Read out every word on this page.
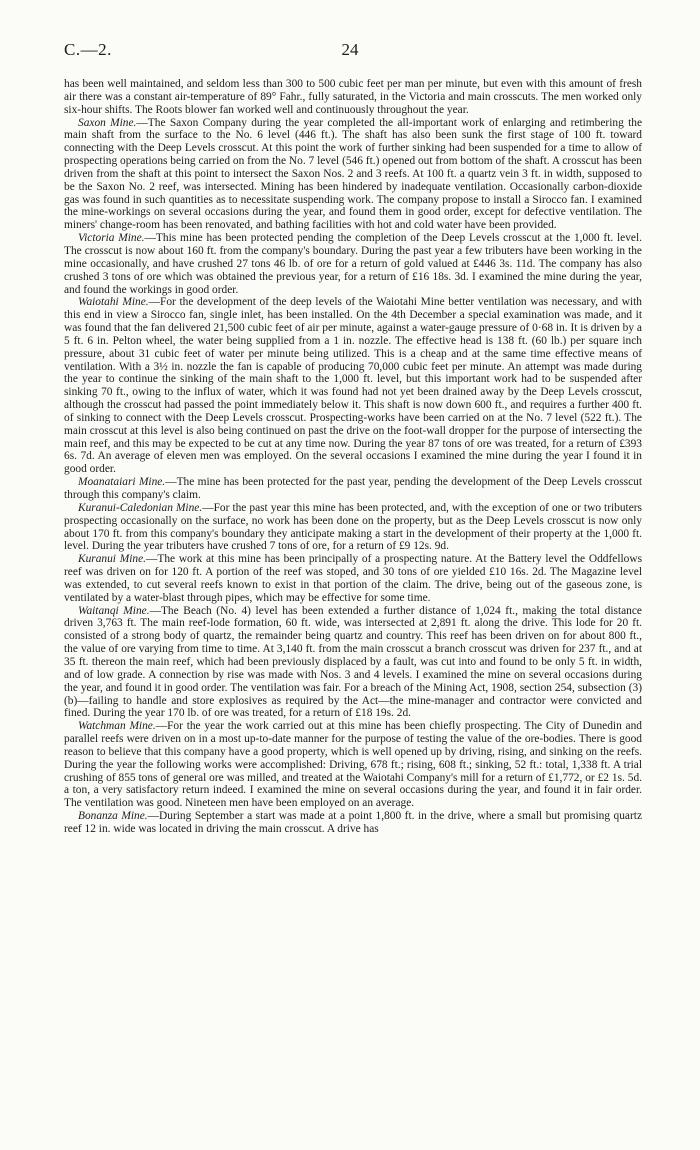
C.—2.	24

has been well maintained, and seldom less than 300 to 500 cubic feet per man per minute, but even with this amount of fresh air there was a constant air-temperature of 89° Fahr., fully saturated, in the Victoria and main crosscuts. The men worked only six-hour shifts. The Roots blower fan worked well and continuously throughout the year.

Saxon Mine.—The Saxon Company during the year completed the all-important work of enlarging and retimbering the main shaft from the surface to the No. 6 level (446 ft.). The shaft has also been sunk the first stage of 100 ft. toward connecting with the Deep Levels crosscut. At this point the work of further sinking had been suspended for a time to allow of prospecting operations being carried on from the No. 7 level (546 ft.) opened out from bottom of the shaft. A crosscut has been driven from the shaft at this point to intersect the Saxon Nos. 2 and 3 reefs. At 100 ft. a quartz vein 3 ft. in width, supposed to be the Saxon No. 2 reef, was intersected. Mining has been hindered by inadequate ventilation. Occasionally carbon-dioxide gas was found in such quantities as to necessitate suspending work. The company propose to install a Sirocco fan. I examined the mine-workings on several occasions during the year, and found them in good order, except for defective ventilation. The miners' change-room has been renovated, and bathing facilities with hot and cold water have been provided.

Victoria Mine.—This mine has been protected pending the completion of the Deep Levels crosscut at the 1,000 ft. level. The crosscut is now about 160 ft. from the company's boundary. During the past year a few tributers have been working in the mine occasionally, and have crushed 27 tons 46 lb. of ore for a return of gold valued at £446 3s. 11d. The company has also crushed 3 tons of ore which was obtained the previous year, for a return of £16 18s. 3d. I examined the mine during the year, and found the workings in good order.

Waiotahi Mine.—For the development of the deep levels of the Waiotahi Mine better ventilation was necessary, and with this end in view a Sirocco fan, single inlet, has been installed. On the 4th December a special examination was made, and it was found that the fan delivered 21,500 cubic feet of air per minute, against a water-gauge pressure of 0·68 in. It is driven by a 5 ft. 6 in. Pelton wheel, the water being supplied from a 1 in. nozzle. The effective head is 138 ft. (60 lb.) per square inch pressure, about 31 cubic feet of water per minute being utilized. This is a cheap and at the same time effective means of ventilation. With a 3½ in. nozzle the fan is capable of producing 70,000 cubic feet per minute. An attempt was made during the year to continue the sinking of the main shaft to the 1,000 ft. level, but this important work had to be suspended after sinking 70 ft., owing to the influx of water, which it was found had not yet been drained away by the Deep Levels crosscut, although the crosscut had passed the point immediately below it. This shaft is now down 600 ft., and requires a further 400 ft. of sinking to connect with the Deep Levels crosscut. Prospecting-works have been carried on at the No. 7 level (522 ft.). The main crosscut at this level is also being continued on past the drive on the foot-wall dropper for the purpose of intersecting the main reef, and this may be expected to be cut at any time now. During the year 87 tons of ore was treated, for a return of £393 6s. 7d. An average of eleven men was employed. On the several occasions I examined the mine during the year I found it in good order.

Moanataiari Mine.—The mine has been protected for the past year, pending the development of the Deep Levels crosscut through this company's claim.

Kuranui-Caledonian Mine.—For the past year this mine has been protected, and, with the exception of one or two tributers prospecting occasionally on the surface, no work has been done on the property, but as the Deep Levels crosscut is now only about 170 ft. from this company's boundary they anticipate making a start in the development of their property at the 1,000 ft. level. During the year tributers have crushed 7 tons of ore, for a return of £9 12s. 9d.

Kuranui Mine.—The work at this mine has been principally of a prospecting nature. At the Battery level the Oddfellows reef was driven on for 120 ft. A portion of the reef was stoped, and 30 tons of ore yielded £10 16s. 2d. The Magazine level was extended, to cut several reefs known to exist in that portion of the claim. The drive, being out of the gaseous zone, is ventilated by a water-blast through pipes, which may be effective for some time.

Waitanqi Mine.—The Beach (No. 4) level has been extended a further distance of 1,024 ft., making the total distance driven 3,763 ft. The main reef-lode formation, 60 ft. wide, was intersected at 2,891 ft. along the drive. This lode for 20 ft. consisted of a strong body of quartz, the remainder being quartz and country. This reef has been driven on for about 800 ft., the value of ore varying from time to time. At 3,140 ft. from the main crosscut a branch crosscut was driven for 237 ft., and at 35 ft. thereon the main reef, which had been previously displaced by a fault, was cut into and found to be only 5 ft. in width, and of low grade. A connection by rise was made with Nos. 3 and 4 levels. I examined the mine on several occasions during the year, and found it in good order. The ventilation was fair. For a breach of the Mining Act, 1908, section 254, subsection (3) (b)—failing to handle and store explosives as required by the Act—the mine-manager and contractor were convicted and fined. During the year 170 lb. of ore was treated, for a return of £18 19s. 2d.

Watchman Mine.—For the year the work carried out at this mine has been chiefly prospecting. The City of Dunedin and parallel reefs were driven on in a most up-to-date manner for the purpose of testing the value of the ore-bodies. There is good reason to believe that this company have a good property, which is well opened up by driving, rising, and sinking on the reefs. During the year the following works were accomplished: Driving, 678 ft.; rising, 608 ft.; sinking, 52 ft.: total, 1,338 ft. A trial crushing of 855 tons of general ore was milled, and treated at the Waiotahi Company's mill for a return of £1,772, or £2 1s. 5d. a ton, a very satisfactory return indeed. I examined the mine on several occasions during the year, and found it in fair order. The ventilation was good. Nineteen men have been employed on an average.

Bonanza Mine.—During September a start was made at a point 1,800 ft. in the drive, where a small but promising quartz reef 12 in. wide was located in driving the main crosscut. A drive has
